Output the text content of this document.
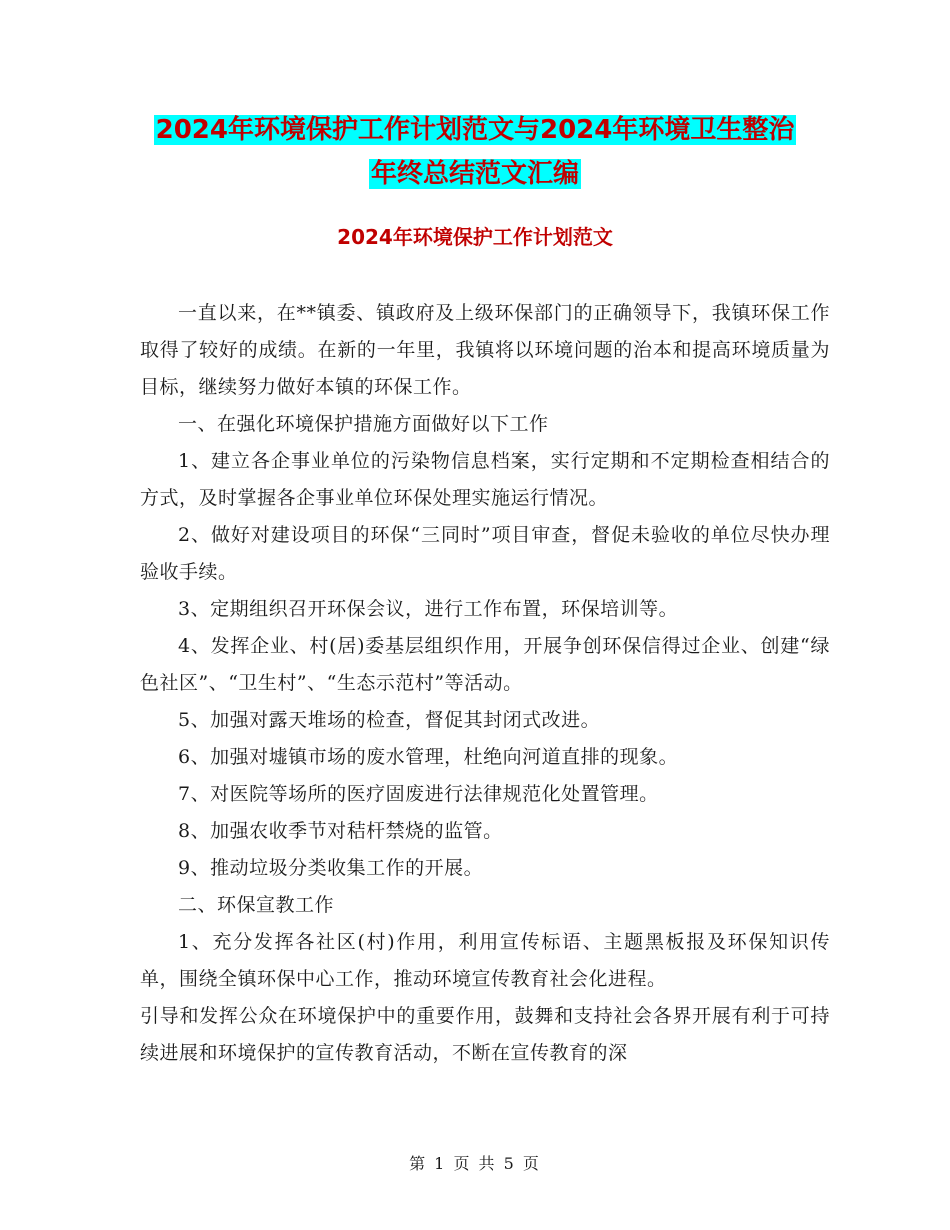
2024年环境保护工作计划范文与2024年环境卫生整治
年终总结范文汇编
2024年环境保护工作计划范文

一直以来，在**镇委、镇政府及上级环保部门的正确领导下，我镇环保工作取得了较好的成绩。在新的一年里，我镇将以环境问题的治本和提高环境质量为目标，继续努力做好本镇的环保工作。

一、在强化环境保护措施方面做好以下工作

1、建立各企事业单位的污染物信息档案，实行定期和不定期检查相结合的方式，及时掌握各企事业单位环保处理实施运行情况。

2、做好对建设项目的环保“三同时”项目审查，督促未验收的单位尽快办理验收手续。

3、定期组织召开环保会议，进行工作布置，环保培训等。

4、发挥企业、村(居)委基层组织作用，开展争创环保信得过企业、创建“绿色社区”、“卫生村”、“生态示范村”等活动。

5、加强对露天堆场的检查，督促其封闭式改进。

6、加强对墟镇市场的废水管理，杜绝向河道直排的现象。

7、对医院等场所的医疗固废进行法律规范化处置管理。

8、加强农收季节对秸杆禁烧的监管。

9、推动垃圾分类收集工作的开展。

二、环保宣教工作

1、充分发挥各社区(村)作用，利用宣传标语、主题黑板报及环保知识传单，围绕全镇环保中心工作，推动环境宣传教育社会化进程。

引导和发挥公众在环境保护中的重要作用，鼓舞和支持社会各界开展有利于可持续进展和环境保护的宣传教育活动，不断在宣传教育的深

第 1 页 共 5 页
